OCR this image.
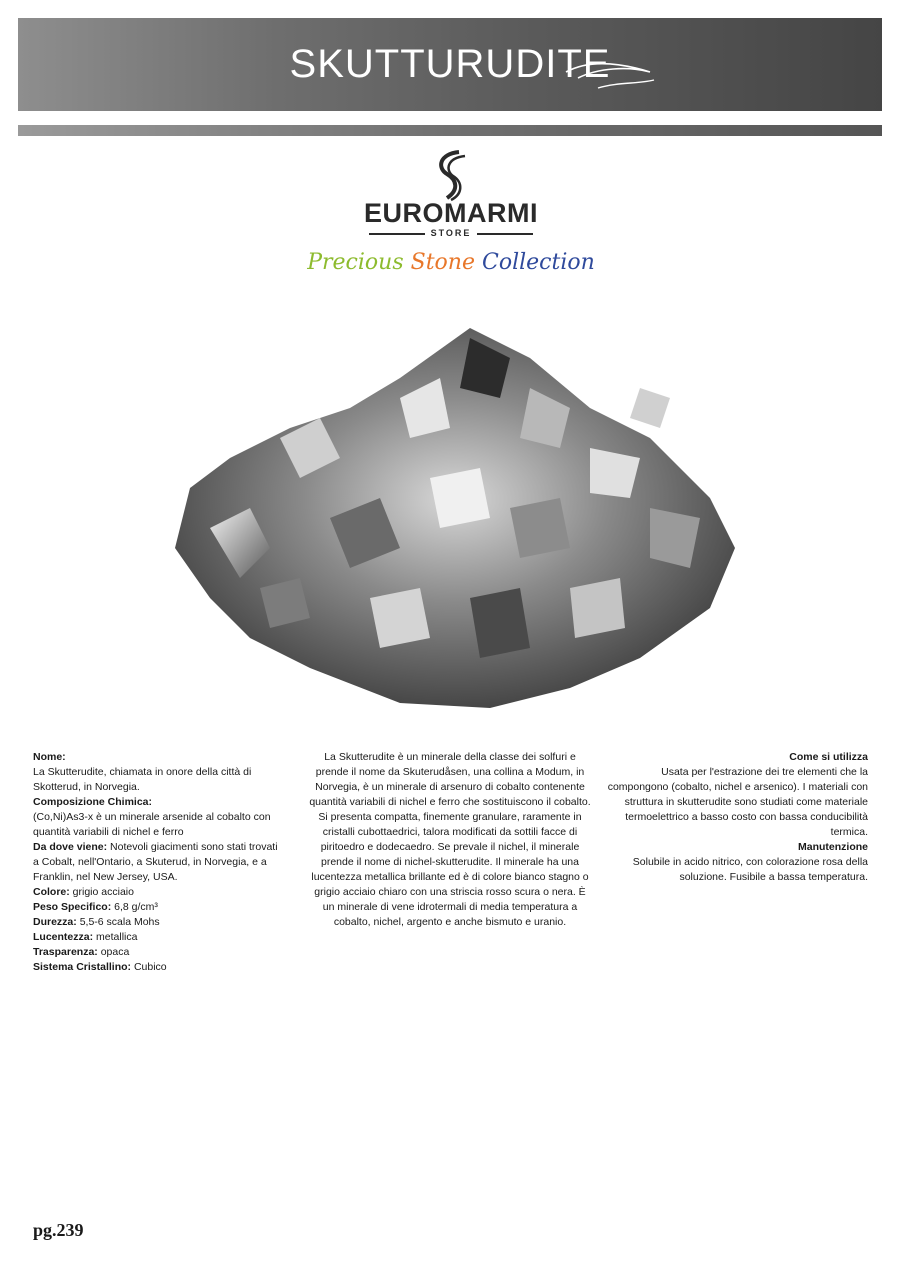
SKUTTURUDITE
EUROMARMI
STORE
Precious Stone Collection
Nome:
La Skutterudite, chiamata in onore della città di Skotterud, in Norvegia.
Composizione Chimica:
(Co,Ni)As3-x è un minerale arsenide al cobalto con quantità variabili di nichel e ferro
Da dove viene: Notevoli giacimenti sono stati trovati a Cobalt, nell'Ontario, a Skuterud, in Norvegia, e a Franklin, nel New Jersey, USA.
Colore: grigio acciaio
Peso Specifico: 6,8 g/cm³
Durezza: 5,5-6 scala Mohs
Lucentezza: metallica
Trasparenza: opaca
Sistema Cristallino: Cubico
La Skutterudite è un minerale della classe dei solfuri e prende il nome da Skuterudåsen, una collina a Modum, in Norvegia, è un minerale di arsenuro di cobalto contenente quantità variabili di nichel e ferro che sostituiscono il cobalto. Si presenta compatta, finemente granulare, raramente in cristalli cubottaedrici, talora modificati da sottili facce di piritoedro e dodecaedro. Se prevale il nichel, il minerale prende il nome di nichel-skutterudite. Il minerale ha una lucentezza metallica brillante ed è di colore bianco stagno o grigio acciaio chiaro con una striscia rosso scura o nera. È un minerale di vene idrotermali di media temperatura a cobalto, nichel, argento e anche bismuto e uranio.
Come si utilizza
Usata per l'estrazione dei tre elementi che la compongono (cobalto, nichel e arsenico). I materiali con struttura in skutterudite sono studiati come materiale termoelettrico a basso costo con bassa conducibilità termica.
Manutenzione
Solubile in acido nitrico, con colorazione rosa della soluzione. Fusibile a bassa temperatura.
pg.239
